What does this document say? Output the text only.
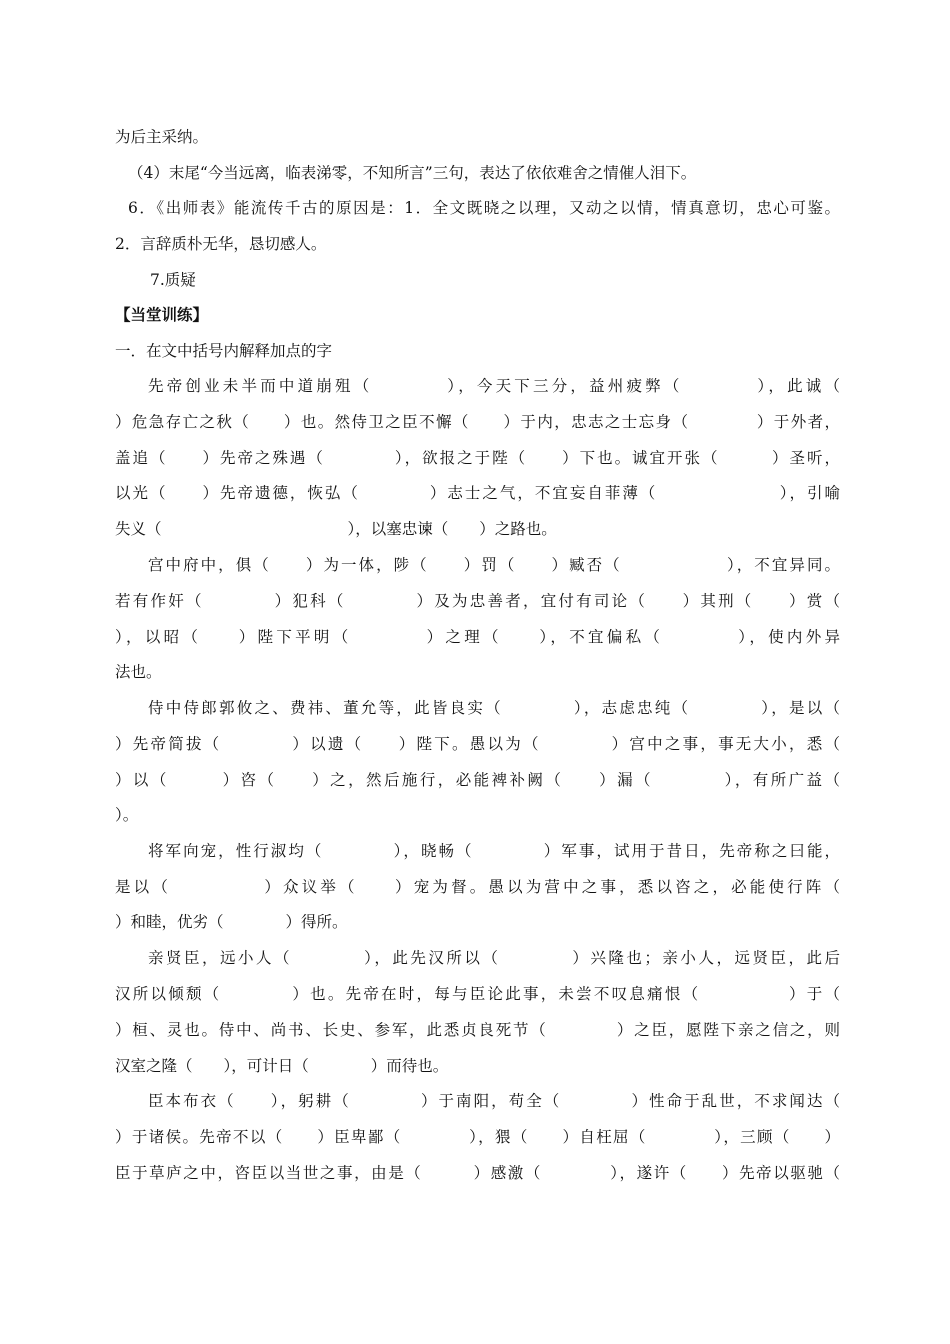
为后主采纳。
（4）末尾“今当远离，临表涕零，不知所言”三句，表达了依依难舍之情催人泪下。
6．《出师表》能流传千古的原因是：1．全文既晓之以理，又动之以情，情真意切，忠心可鉴。
2．言辞质朴无华，恳切感人。
7.质疑
【当堂训练】
一．在文中括号内解释加点的字
先帝创业未半而中道崩殂（　　　　），今天下三分，益州疲弊（　　　　），此诚（
）危急存亡之秋（　　）也。然侍卫之臣不懈（　　）于内，忠志之士忘身（　　　　）于外者，
盖追（　　）先帝之殊遇（　　　　），欲报之于陛（　　）下也。诚宜开张（　　　）圣听，
以光（　　）先帝遗德，恢弘（　　　　）志士之气，不宜妄自菲薄（　　　　　　　），引喻
失义（　　　　　　　　　　　　），以塞忠谏（　　）之路也。
宫中府中，俱（　　）为一体，陟（　　）罚（　　）臧否（　　　　　　），不宜异同。
若有作奸（　　　　）犯科（　　　　）及为忠善者，宜付有司论（　　）其刑（　　）赏（
），以昭（　　）陛下平明（　　　　）之理（　　），不宜偏私（　　　　），使内外异
法也。
侍中侍郎郭攸之、费祎、董允等，此皆良实（　　　　），志虑忠纯（　　　　），是以（
）先帝简拔（　　　　）以遗（　　）陛下。愚以为（　　　　）宫中之事，事无大小，悉（
）以（　　　）咨（　　）之，然后施行，必能裨补阙（　　）漏（　　　　），有所广益（
）。
将军向宠，性行淑均（　　　　），晓畅（　　　　）军事，试用于昔日，先帝称之曰能，
是以（　　　　　）众议举（　　）宠为督。愚以为营中之事，悉以咨之，必能使行阵（
）和睦，优劣（　　　　）得所。
亲贤臣，远小人（　　　　），此先汉所以（　　　　）兴隆也；亲小人，远贤臣，此后
汉所以倾颓（　　　　）也。先帝在时，每与臣论此事，未尝不叹息痛恨（　　　　　）于（
）桓、灵也。侍中、尚书、长史、参军，此悉贞良死节（　　　　）之臣，愿陛下亲之信之，则
汉室之隆（　　），可计日（　　　　）而待也。
臣本布衣（　　），躬耕（　　　　）于南阳，苟全（　　　　）性命于乱世，不求闻达（
）于诸侯。先帝不以（　　）臣卑鄙（　　　　），猥（　　）自枉屈（　　　　），三顾（　　）
臣于草庐之中，咨臣以当世之事，由是（　　　）感激（　　　　），遂许（　　）先帝以驱驰（
